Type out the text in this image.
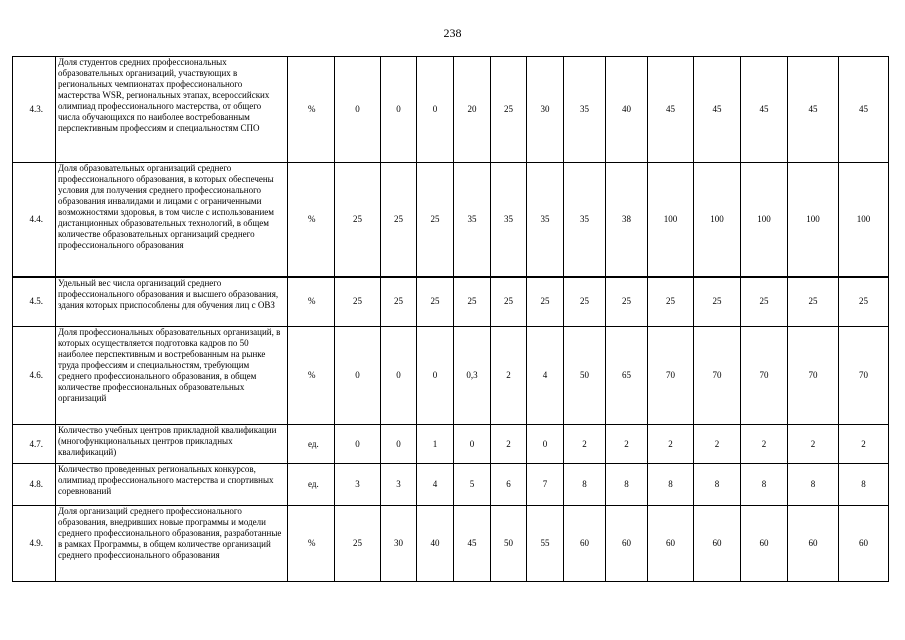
238
4.3.	Доля студентов средних профессиональных образовательных организаций, участвующих в региональных чемпионатах профессионального мастерства WSR, региональных этапах, всероссийских олимпиад профессионального мастерства, от общего числа обучающихся по наиболее востребованным перспективным профессиям и специальностям СПО	%	0	0	0	20	25	30	35	40	45	45	45	45	45
4.4.	Доля образовательных организаций среднего профессионального образования, в которых обеспечены условия для получения среднего профессионального образования инвалидами и лицами с ограниченными возможностями здоровья, в том числе с использованием дистанционных образовательных технологий, в общем количестве образовательных организаций среднего профессионального образования	%	25	25	25	35	35	35	35	38	100	100	100	100	100
4.5.	Удельный вес числа организаций среднего профессионального образования и высшего образования, здания которых приспособлены для обучения лиц с ОВЗ	%	25	25	25	25	25	25	25	25	25	25	25	25	25
4.6.	Доля профессиональных образовательных организаций, в которых осуществляется подготовка кадров по 50 наиболее перспективным и востребованным на рынке труда профессиям и специальностям, требующим среднего профессионального образования, в общем количестве профессиональных образовательных организаций	%	0	0	0	0,3	2	4	50	65	70	70	70	70	70
4.7.	Количество учебных центров прикладной квалификации (многофункциональных центров прикладных квалификаций)	ед.	0	0	1	0	2	0	2	2	2	2	2	2	2
4.8.	Количество проведенных региональных конкурсов, олимпиад профессионального мастерства и спортивных соревнований	ед.	3	3	4	5	6	7	8	8	8	8	8	8	8
4.9.	Доля организаций среднего профессионального образования, внедривших новые программы и модели среднего профессионального образования, разработанные в рамках Программы, в общем количестве организаций среднего профессионального образования	%	25	30	40	45	50	55	60	60	60	60	60	60	60
